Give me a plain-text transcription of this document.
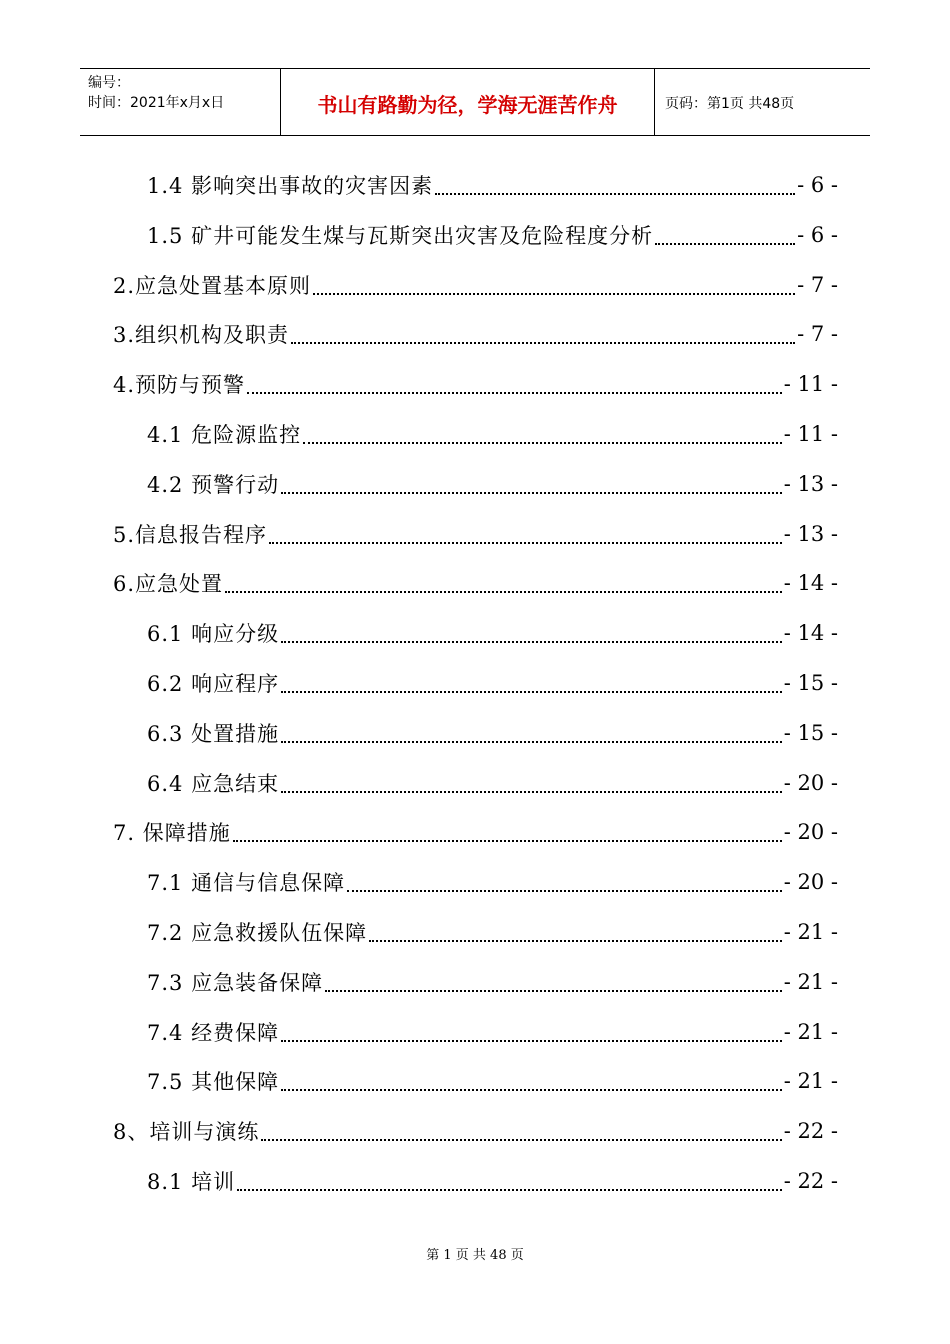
编号：
时间：2021年x月x日	书山有路勤为径，学海无涯苦作舟	页码：第1页 共48页
1.4 影响突出事故的灾害因素	- 6 -
1.5 矿井可能发生煤与瓦斯突出灾害及危险程度分析	- 6 -
2.应急处置基本原则	- 7 -
3.组织机构及职责	- 7 -
4.预防与预警	- 11 -
4.1 危险源监控	- 11 -
4.2 预警行动	- 13 -
5.信息报告程序	- 13 -
6.应急处置	- 14 -
6.1 响应分级	- 14 -
6.2 响应程序	- 15 -
6.3 处置措施	- 15 -
6.4 应急结束	- 20 -
7. 保障措施	- 20 -
7.1 通信与信息保障	- 20 -
7.2 应急救援队伍保障	- 21 -
7.3 应急装备保障	- 21 -
7.4 经费保障	- 21 -
7.5 其他保障	- 21 -
8、培训与演练	- 22 -
8.1 培训	- 22 -
第 1 页 共 48 页
